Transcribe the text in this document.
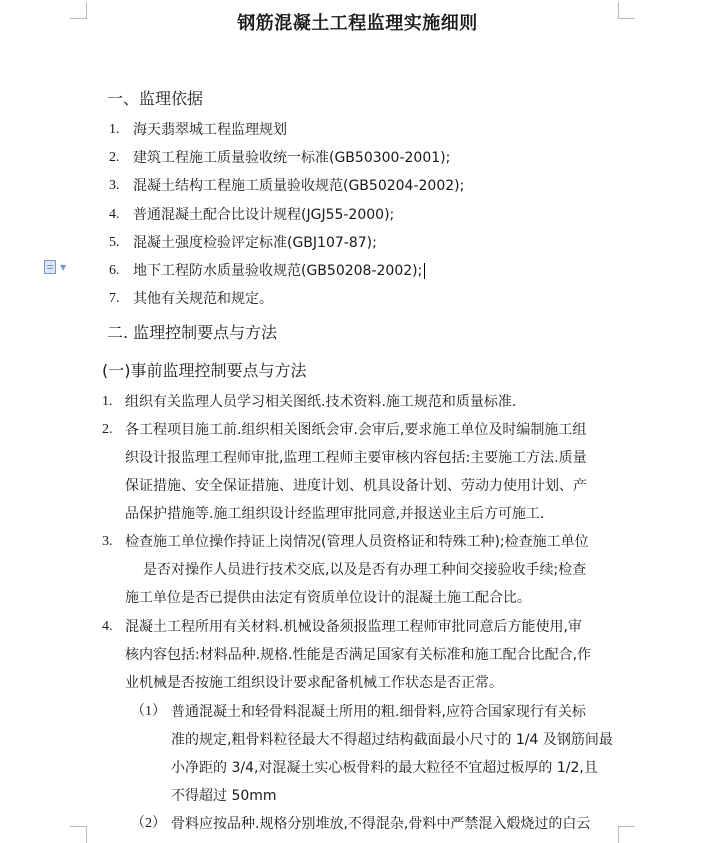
钢筋混凝土工程监理实施细则
一、监理依据
1. 海天翡翠城工程监理规划
2. 建筑工程施工质量验收统一标准(GB50300-2001);
3. 混凝土结构工程施工质量验收规范(GB50204-2002);
4. 普通混凝土配合比设计规程(JGJ55-2000);
5. 混凝土强度检验评定标准(GBJ107-87);
▼	6. 地下工程防水质量验收规范(GB50208-2002);
7. 其他有关规范和规定。
二. 监理控制要点与方法
(一)事前监理控制要点与方法
1. 组织有关监理人员学习相关图纸.技术资料.施工规范和质量标准.
2. 各工程项目施工前.组织相关图纸会审.会审后,要求施工单位及时编制施工组
织设计报监理工程师审批,监理工程师主要审核内容包括:主要施工方法.质量
保证措施、安全保证措施、进度计划、机具设备计划、劳动力使用计划、产
品保护措施等.施工组织设计经监理审批同意,并报送业主后方可施工.
3. 检查施工单位操作持证上岗情况(管理人员资格证和特殊工种);检查施工单位
是否对操作人员进行技术交底,以及是否有办理工种间交接验收手续;检查
施工单位是否已提供由法定有资质单位设计的混凝土施工配合比。
4. 混凝土工程所用有关材料.机械设备须报监理工程师审批同意后方能使用,审
核内容包括:材料品种.规格.性能是否满足国家有关标准和施工配合比配合,作
业机械是否按施工组织设计要求配备机械工作状态是否正常。
（1） 普通混凝土和轻骨料混凝土所用的粗.细骨料,应符合国家现行有关标
准的规定,粗骨料粒径最大不得超过结构截面最小尺寸的 1/4 及钢筋间最
小净距的 3/4,对混凝土实心板骨料的最大粒径不宜超过板厚的 1/2,且
不得超过 50mm
（2） 骨料应按品种.规格分别堆放,不得混杂,骨料中严禁混入煅烧过的白云
